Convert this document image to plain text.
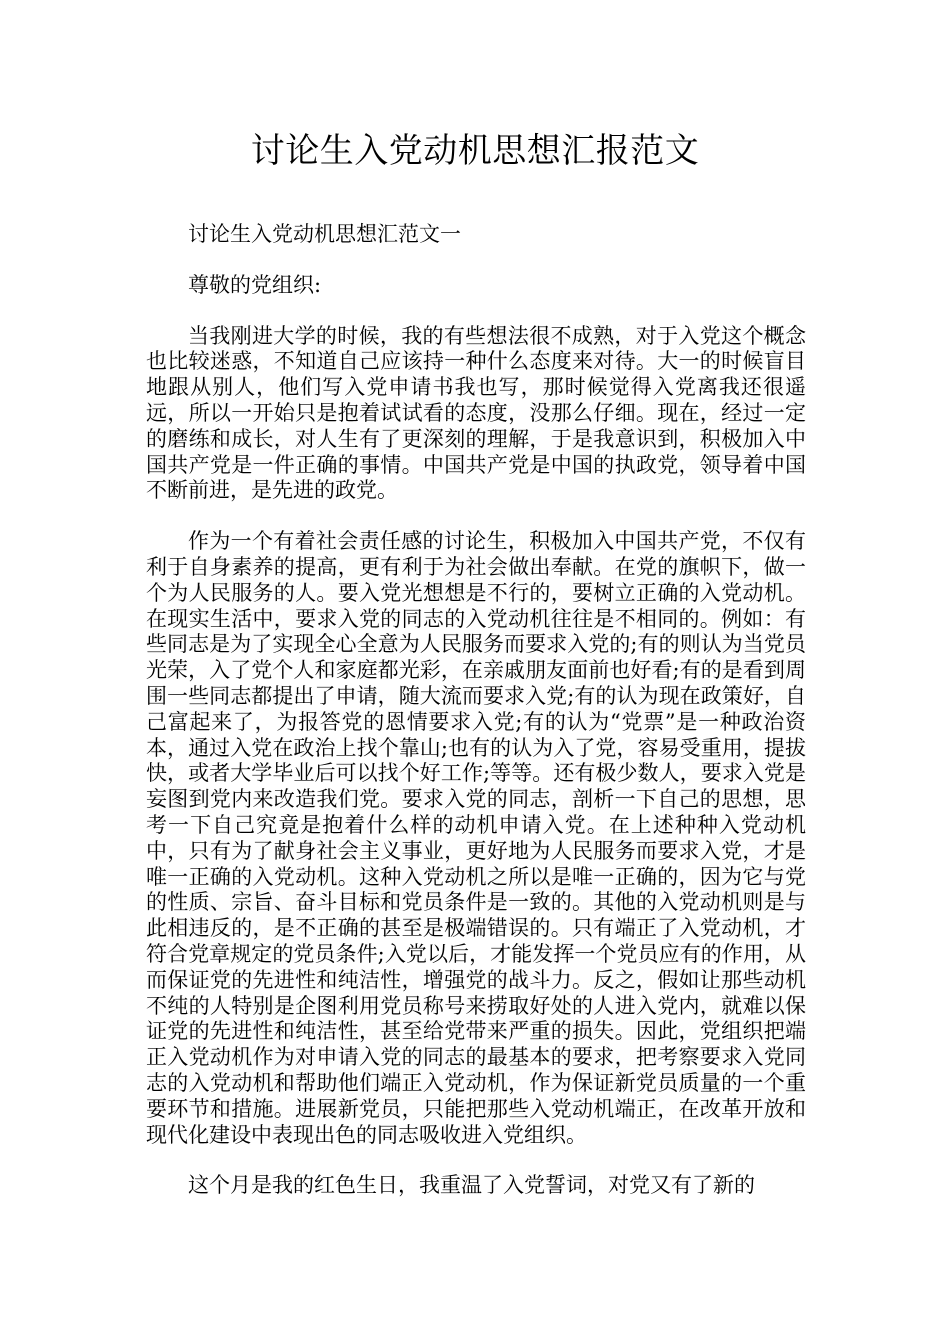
讨论生入党动机思想汇报范文

讨论生入党动机思想汇范文一

尊敬的党组织:

当我刚进大学的时候，我的有些想法很不成熟，对于入党这个概念也比较迷惑，不知道自己应该持一种什么态度来对待。大一的时候盲目地跟从别人，他们写入党申请书我也写，那时候觉得入党离我还很遥远，所以一开始只是抱着试试看的态度，没那么仔细。现在，经过一定的磨练和成长，对人生有了更深刻的理解，于是我意识到，积极加入中国共产党是一件正确的事情。中国共产党是中国的执政党，领导着中国不断前进，是先进的政党。

作为一个有着社会责任感的讨论生，积极加入中国共产党，不仅有利于自身素养的提高，更有利于为社会做出奉献。在党的旗帜下，做一个为人民服务的人。要入党光想想是不行的，要树立正确的入党动机。在现实生活中，要求入党的同志的入党动机往往是不相同的。例如：有些同志是为了实现全心全意为人民服务而要求入党的;有的则认为当党员光荣，入了党个人和家庭都光彩，在亲戚朋友面前也好看;有的是看到周围一些同志都提出了申请，随大流而要求入党;有的认为现在政策好，自己富起来了，为报答党的恩情要求入党;有的认为“党票”是一种政治资本，通过入党在政治上找个靠山;也有的认为入了党，容易受重用，提拔快，或者大学毕业后可以找个好工作;等等。还有极少数人，要求入党是妄图到党内来改造我们党。要求入党的同志，剖析一下自己的思想，思考一下自己究竟是抱着什么样的动机申请入党。在上述种种入党动机中，只有为了献身社会主义事业，更好地为人民服务而要求入党，才是唯一正确的入党动机。这种入党动机之所以是唯一正确的，因为它与党的性质、宗旨、奋斗目标和党员条件是一致的。其他的入党动机则是与此相违反的，是不正确的甚至是极端错误的。只有端正了入党动机，才符合党章规定的党员条件;入党以后，才能发挥一个党员应有的作用，从而保证党的先进性和纯洁性，增强党的战斗力。反之，假如让那些动机不纯的人特别是企图利用党员称号来捞取好处的人进入党内，就难以保证党的先进性和纯洁性，甚至给党带来严重的损失。因此，党组织把端正入党动机作为对申请入党的同志的最基本的要求，把考察要求入党同志的入党动机和帮助他们端正入党动机，作为保证新党员质量的一个重要环节和措施。进展新党员，只能把那些入党动机端正，在改革开放和现代化建设中表现出色的同志吸收进入党组织。

这个月是我的红色生日，我重温了入党誓词，对党又有了新的
